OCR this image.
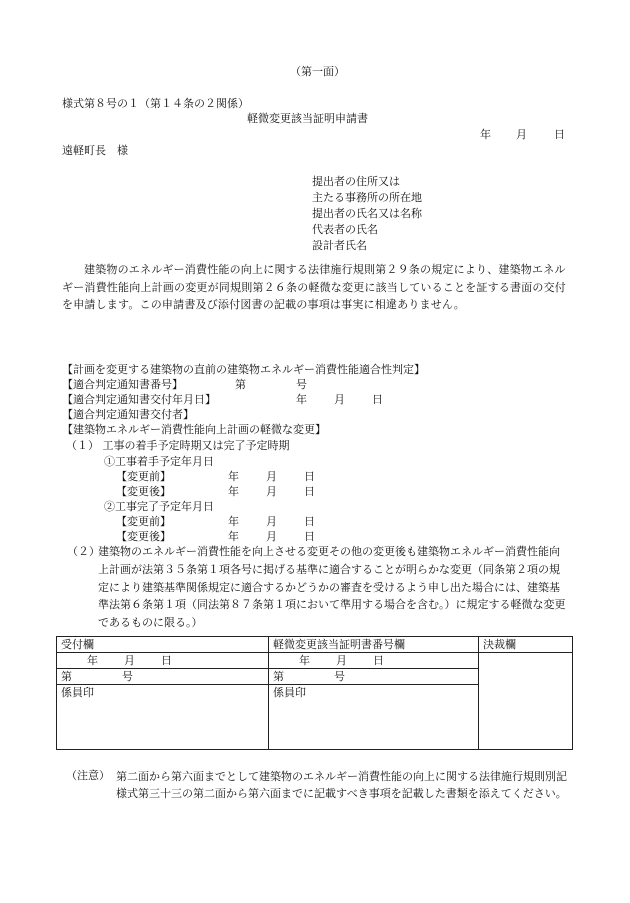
（第一面）
様式第８号の１（第１４条の２関係）
軽微変更該当証明申請書
年 月 日
遠軽町長　様
提出者の住所又は
主たる事務所の所在地
提出者の氏名又は名称
代表者の氏名
設計者氏名
建築物のエネルギー消費性能の向上に関する法律施行規則第２９条の規定により、建築物エネルギー消費性能向上計画の変更が同規則第２６条の軽微な変更に該当していることを証する書面の交付を申請します。この申請書及び添付図書の記載の事項は事実に相違ありません。
【計画を変更する建築物の直前の建築物エネルギー消費性能適合性判定】
【適合判定通知書番号】	第	号
【適合判定通知書交付年月日】	年 月 日
【適合判定通知書交付者】
【建築物エネルギー消費性能向上計画の軽微な変更】
（１） 工事の着手予定時期又は完了予定時期
①工事着手予定年月日
【変更前】	年 月 日
【変更後】	年 月 日
②工事完了予定年月日
【変更前】	年 月 日
【変更後】	年 月 日
（２）
建築物のエネルギー消費性能を向上させる変更その他の変更後も建築物エネルギー消費性能向上計画が法第３５条第１項各号に掲げる基準に適合することが明らかな変更（同条第２項の規定により建築基準関係規定に適合するかどうかの審査を受けるよう申し出た場合には、建築基準法第６条第１項（同法第８７条第１項において準用する場合を含む。）に規定する軽微な変更であるものに限る。）
受付欄	軽微変更該当証明書番号欄	決裁欄
年 月 日	年 月 日	
第 号	第 号	
係員印	係員印	
（注意） 第二面から第六面までとして建築物のエネルギー消費性能の向上に関する法律施行規則別記様式第三十三の第二面から第六面までに記載すべき事項を記載した書類を添えてください。
